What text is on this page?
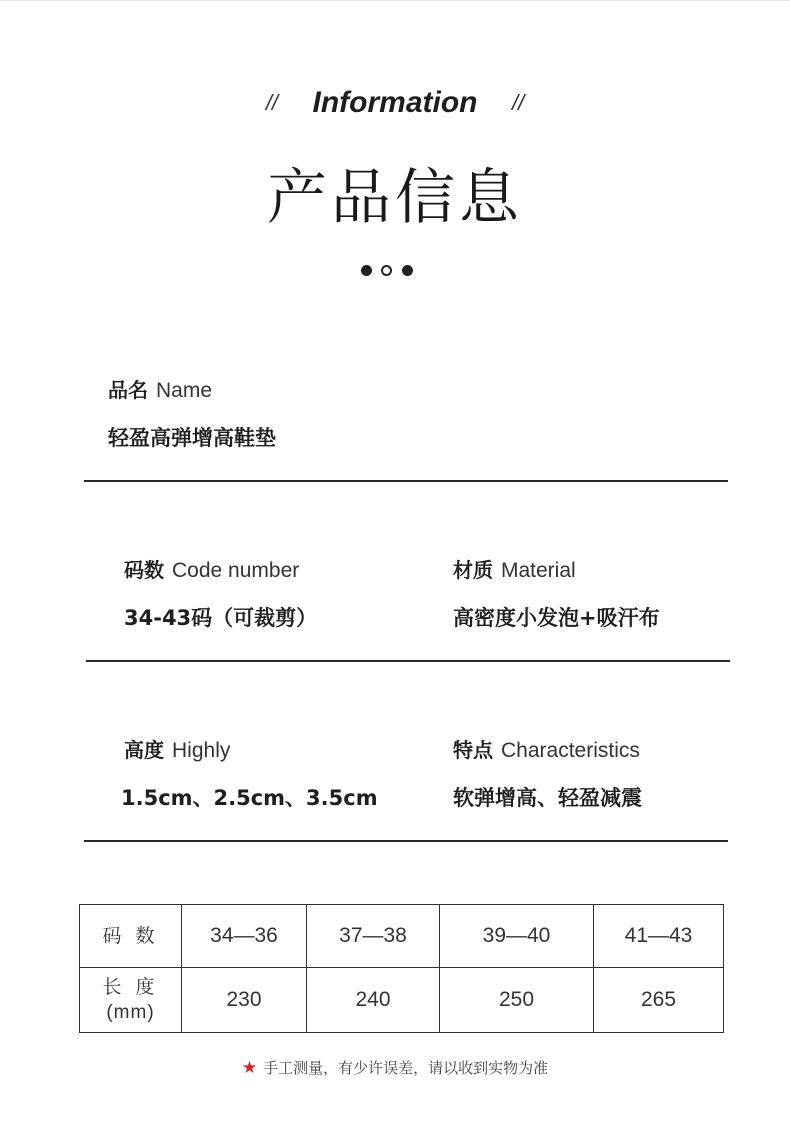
// Information //
产品信息
品名 Name
轻盈高弹增高鞋垫
码数 Code number
34-43码（可裁剪）
材质 Material
高密度小发泡+吸汗布
高度 Highly
1.5cm、2.5cm、3.5cm
特点 Characteristics
软弹增高、轻盈减震
码 数	34—36	37—38	39—40	41—43

长 度
(mm)	230	240	250	265
★ 手工测量，有少许误差，请以收到实物为准
